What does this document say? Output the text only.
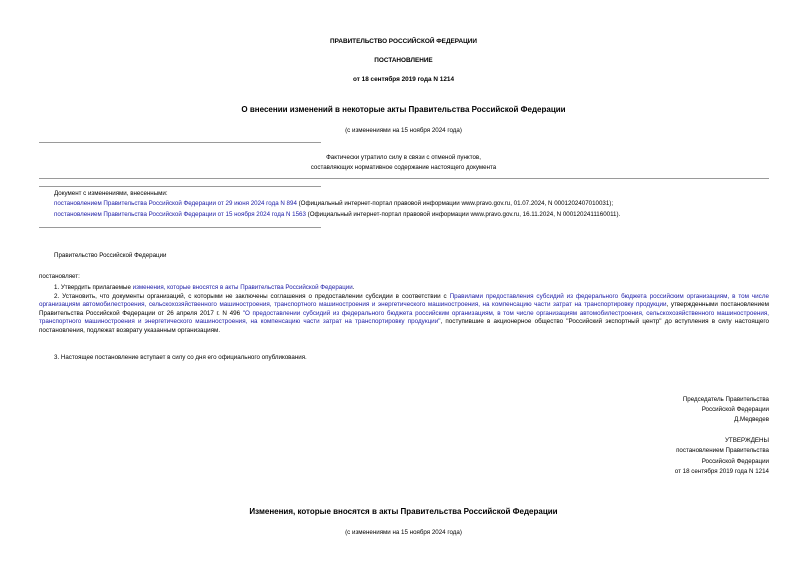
ПРАВИТЕЛЬСТВО РОССИЙСКОЙ ФЕДЕРАЦИИ
ПОСТАНОВЛЕНИЕ
от 18 сентября 2019 года N 1214
О внесении изменений в некоторые акты Правительства Российской Федерации
(с изменениями на 15 ноября 2024 года)
Фактически утратило силу в связи с отменой пунктов,
составляющих нормативное содержание настоящего документа
Документ с изменениями, внесенными:
постановлением Правительства Российской Федерации от 29 июня 2024 года N 894 (Официальный интернет-портал правовой информации www.pravo.gov.ru, 01.07.2024, N 0001202407010031);
постановлением Правительства Российской Федерации от 15 ноября 2024 года N 1563 (Официальный интернет-портал правовой информации www.pravo.gov.ru, 16.11.2024, N 0001202411160011).
Правительство Российской Федерации
постановляет:
1. Утвердить прилагаемые изменения, которые вносятся в акты Правительства Российской Федерации.
2. Установить, что документы организаций, с которыми не заключены соглашения о предоставлении субсидии в соответствии с Правилами предоставления субсидий из федерального бюджета российским организациям, в том числе организациям автомобилестроения, сельскохозяйственного машиностроения, транспортного машиностроения и энергетического машиностроения, на компенсацию части затрат на транспортировку продукции, утвержденными постановлением Правительства Российской Федерации от 26 апреля 2017 г. N 496 "О предоставлении субсидий из федерального бюджета российским организациям, в том числе организациям автомобилестроения, сельскохозяйственного машиностроения, транспортного машиностроения и энергетического машиностроения, на компенсацию части затрат на транспортировку продукции", поступившие в акционерное общество "Российский экспортный центр" до вступления в силу настоящего постановления, подлежат возврату указанным организациям.
3. Настоящее постановление вступает в силу со дня его официального опубликования.
Председатель Правительства
Российской Федерации
Д.Медведев
УТВЕРЖДЕНЫ
постановлением Правительства
Российской Федерации
от 18 сентября 2019 года N 1214
Изменения, которые вносятся в акты Правительства Российской Федерации
(с изменениями на 15 ноября 2024 года)
